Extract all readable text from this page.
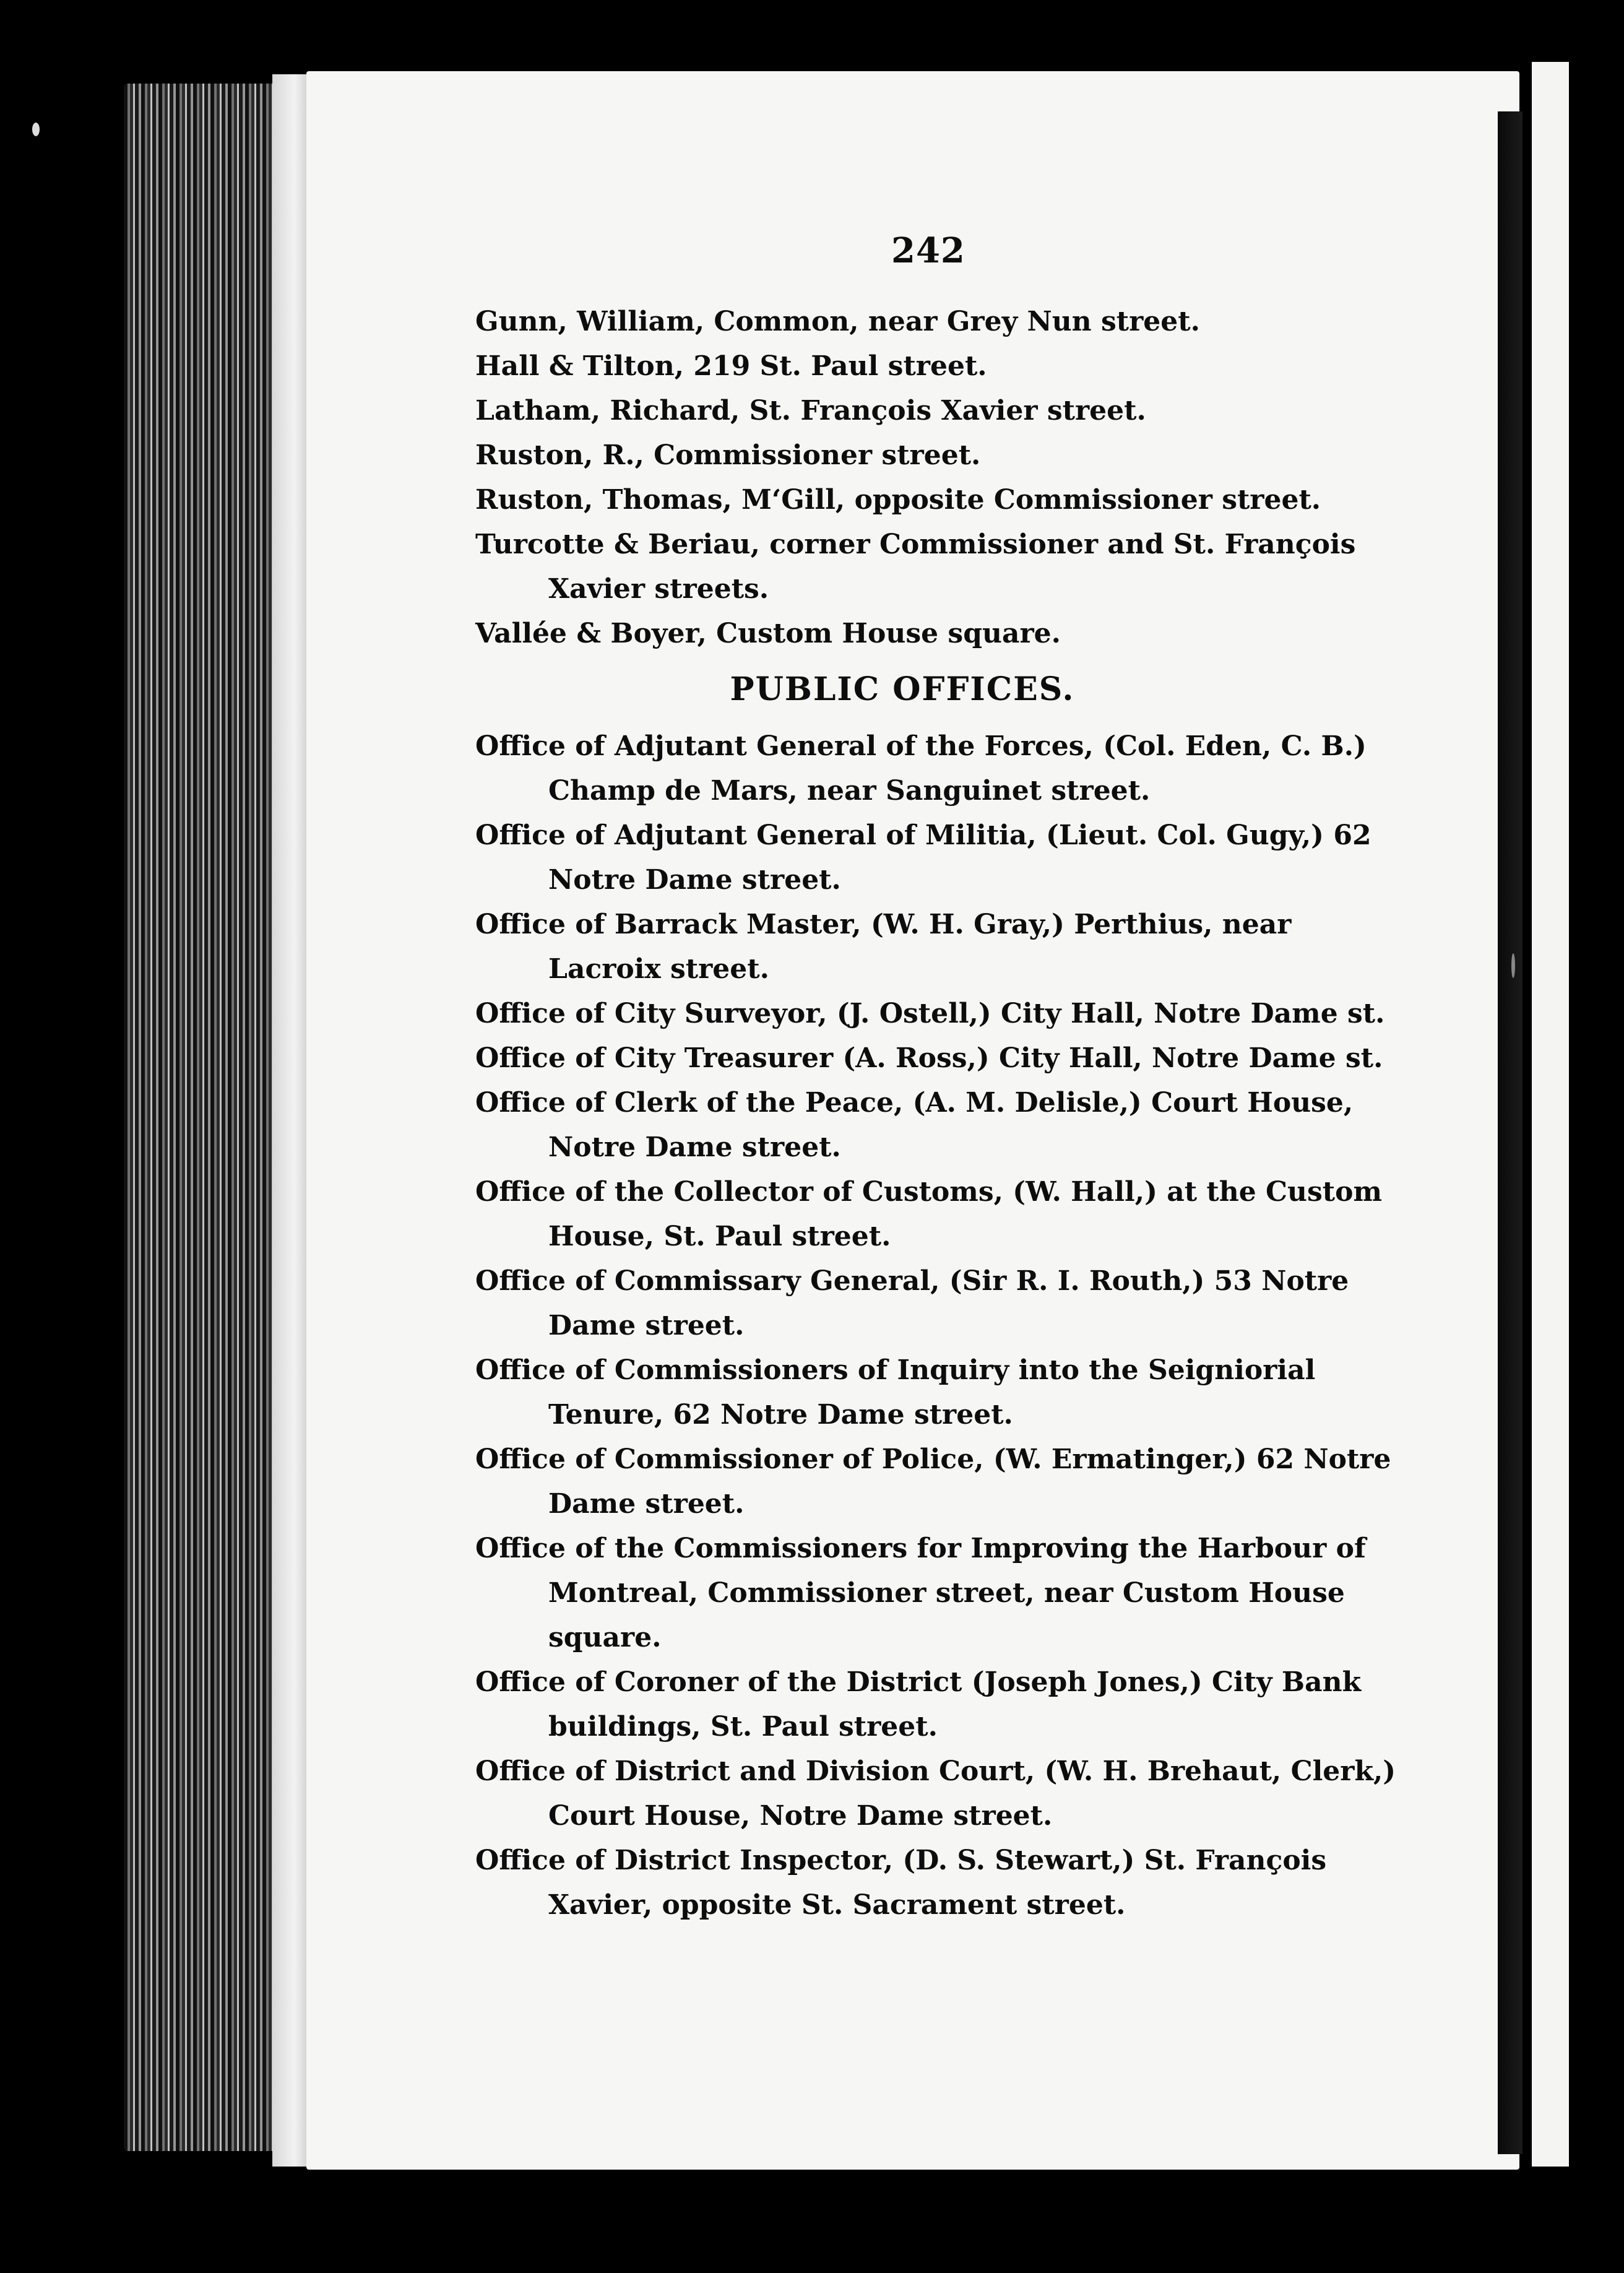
242

Gunn, William, Common, near Grey Nun street.

Hall & Tilton, 219 St. Paul street.

Latham, Richard, St. François Xavier street.

Ruston, R., Commissioner street.

Ruston, Thomas, M‘Gill, opposite Commissioner street.

Turcotte & Beriau, corner Commissioner and St. François Xavier streets.

Vallée & Boyer, Custom House square.

PUBLIC OFFICES.

Office of Adjutant General of the Forces, (Col. Eden, C. B.) Champ de Mars, near Sanguinet street.

Office of Adjutant General of Militia, (Lieut. Col. Gugy,) 62 Notre Dame street.

Office of Barrack Master, (W. H. Gray,) Perthius, near Lacroix street.

Office of City Surveyor, (J. Ostell,) City Hall, Notre Dame st.

Office of City Treasurer (A. Ross,) City Hall, Notre Dame st.

Office of Clerk of the Peace, (A. M. Delisle,) Court House, Notre Dame street.

Office of the Collector of Customs, (W. Hall,) at the Custom House, St. Paul street.

Office of Commissary General, (Sir R. I. Routh,) 53 Notre Dame street.

Office of Commissioners of Inquiry into the Seigniorial Tenure, 62 Notre Dame street.

Office of Commissioner of Police, (W. Ermatinger,) 62 Notre Dame street.

Office of the Commissioners for Improving the Harbour of Montreal, Commissioner street, near Custom House square.

Office of Coroner of the District (Joseph Jones,) City Bank buildings, St. Paul street.

Office of District and Division Court, (W. H. Brehaut, Clerk,) Court House, Notre Dame street.

Office of District Inspector, (D. S. Stewart,) St. François Xavier, opposite St. Sacrament street.
